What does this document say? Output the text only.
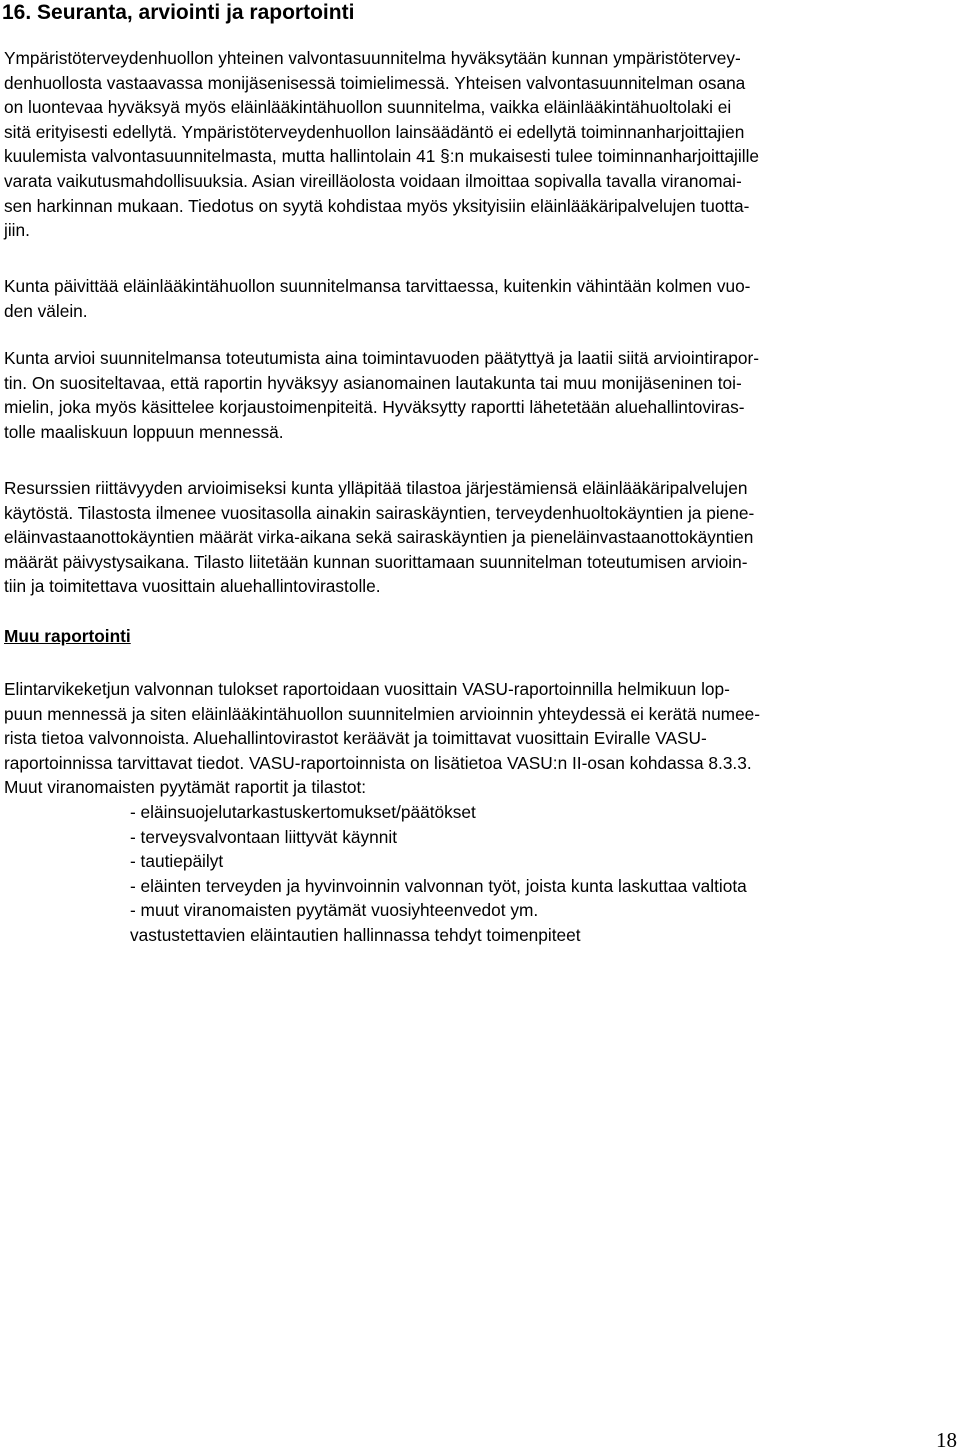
16. Seuranta, arviointi ja raportointi
Ympäristöterveydenhuollon yhteinen valvontasuunnitelma hyväksytään kunnan ympäristötervey-
denhuollosta vastaavassa monijäsenisessä toimielimessä. Yhteisen valvontasuunnitelman osana
on luontevaa hyväksyä myös eläinlääkintähuollon suunnitelma, vaikka eläinlääkintähuoltolaki ei
sitä erityisesti edellytä. Ympäristöterveydenhuollon lainsäädäntö ei edellytä toiminnanharjoittajien
kuulemista valvontasuunnitelmasta, mutta hallintolain 41 §:n mukaisesti tulee toiminnanharjoittajille
varata vaikutusmahdollisuuksia. Asian vireilläolosta voidaan ilmoittaa sopivalla tavalla viranomai-
sen harkinnan mukaan. Tiedotus on syytä kohdistaa myös yksityisiin eläinlääkäripalvelujen tuotta-
jiin.
Kunta päivittää eläinlääkintähuollon suunnitelmansa tarvittaessa, kuitenkin vähintään kolmen vuo-
den välein.
Kunta arvioi suunnitelmansa toteutumista aina toimintavuoden päätyttyä ja laatii siitä arviointirapor-
tin. On suositeltavaa, että raportin hyväksyy asianomainen lautakunta tai muu monijäseninen toi-
mielin, joka myös käsittelee korjaustoimenpiteitä. Hyväksytty raportti lähetetään aluehallintoviras-
tolle maaliskuun loppuun mennessä.
Resurssien riittävyyden arvioimiseksi kunta ylläpitää tilastoa järjestämiensä eläinlääkäripalvelujen
käytöstä. Tilastosta ilmenee vuositasolla ainakin sairaskäyntien, terveydenhuoltokäyntien ja piene-
eläinvastaanottokäyntien määrät virka-aikana sekä sairaskäyntien ja pieneläinvastaanottokäyntien
määrät päivystysaikana. Tilasto liitetään kunnan suorittamaan suunnitelman toteutumisen arvioin-
tiin ja toimitettava vuosittain aluehallintovirastolle.
Muu raportointi
Elintarvikeketjun valvonnan tulokset raportoidaan vuosittain VASU-raportoinnilla helmikuun lop-
puun mennessä ja siten eläinlääkintähuollon suunnitelmien arvioinnin yhteydessä ei kerätä numee-
rista tietoa valvonnoista. Aluehallintovirastot keräävät ja toimittavat vuosittain Eviralle VASU-
raportoinnissa tarvittavat tiedot. VASU-raportoinnista on lisätietoa VASU:n II-osan kohdassa 8.3.3.
Muut viranomaisten pyytämät raportit ja tilastot:
- eläinsuojelutarkastuskertomukset/päätökset
- terveysvalvontaan liittyvät käynnit
- tautiepäilyt
- eläinten terveyden ja hyvinvoinnin valvonnan työt, joista kunta laskuttaa valtiota
- muut viranomaisten pyytämät vuosiyhteenvedot ym.
vastustettavien eläintautien hallinnassa tehdyt toimenpiteet
18
